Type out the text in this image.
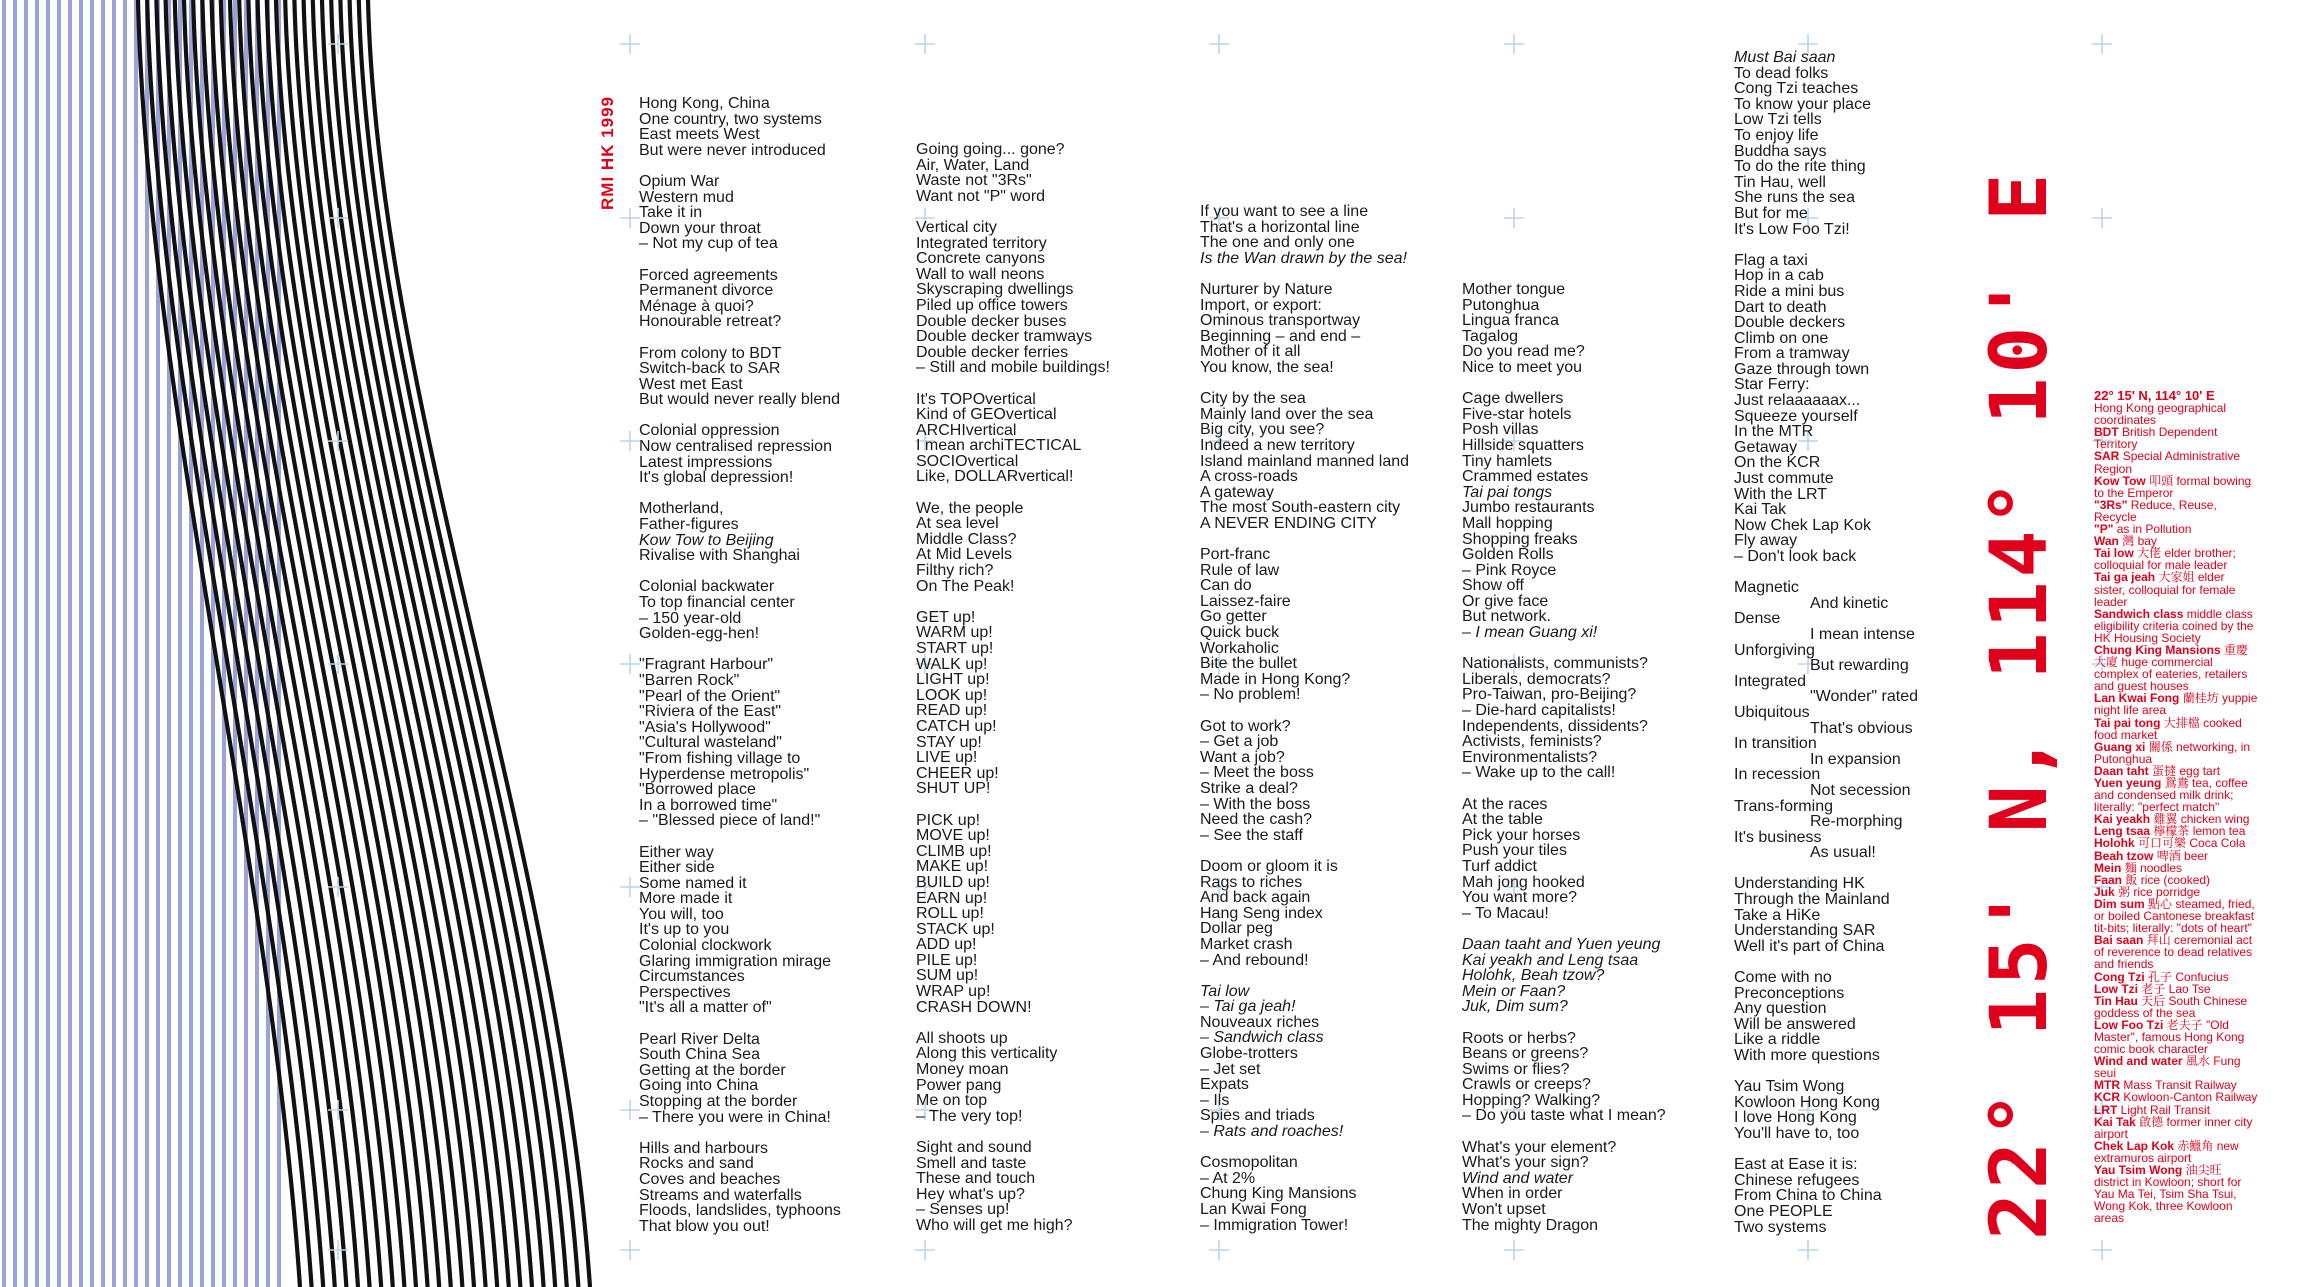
RMI HK 1999 Hong Kong, China
One country, two systems
East meets West
But were never introduced
Opium War
Western mud
Take it in
Down your throat
– Not my cup of tea
Forced agreements
Permanent divorce
Ménage à quoi?
Honourable retreat?
From colony to BDT
Switch-back to SAR
West met East
But would never really blend
Colonial oppression
Now centralised repression
Latest impressions
It's global depression!
Motherland,
Father-figures
Kow Tow to Beijing
Rivalise with Shanghai
Colonial backwater
To top financial center
– 150 year-old
Golden-egg-hen!
"Fragrant Harbour"
"Barren Rock"
"Pearl of the Orient"
"Riviera of the East"
"Asia's Hollywood"
"Cultural wasteland"
"From fishing village to
Hyperdense metropolis"
"Borrowed place
In a borrowed time"
– "Blessed piece of land!"
Either way
Either side
Some named it
More made it
You will, too
It's up to you
Colonial clockwork
Glaring immigration mirage
Circumstances
Perspectives
"It's all a matter of"
Pearl River Delta
South China Sea
Getting at the border
Going into China
Stopping at the border
– There you were in China!
Hills and harbours
Rocks and sand
Coves and beaches
Streams and waterfalls
Floods, landslides, typhoons
That blow you out!
Going going... gone?
Air, Water, Land
Waste not "3Rs"
Want not "P" word
Vertical city
Integrated territory
Concrete canyons
Wall to wall neons
Skyscraping dwellings
Piled up office towers
Double decker buses
Double decker tramways
Double decker ferries
– Still and mobile buildings!
It's TOPOvertical
Kind of GEOvertical
ARCHIvertical
I mean archiTECTICAL
SOCIOvertical
Like, DOLLARvertical!
We, the people
At sea level
Middle Class?
At Mid Levels
Filthy rich?
On The Peak!
GET up!
WARM up!
START up!
WALK up!
LIGHT up!
LOOK up!
READ up!
CATCH up!
STAY up!
LIVE up!
CHEER up!
SHUT UP!
PICK up!
MOVE up!
CLIMB up!
MAKE up!
BUILD up!
EARN up!
ROLL up!
STACK up!
ADD up!
PILE up!
SUM up!
WRAP up!
CRASH DOWN!
All shoots up
Along this verticality
Money moan
Power pang
Me on top
– The very top!
Sight and sound
Smell and taste
These and touch
Hey what's up?
– Senses up!
Who will get me high?
If you want to see a line
That's a horizontal line
The one and only one
Is the Wan drawn by the sea!
Nurturer by Nature
Import, or export:
Ominous transportway
Beginning – and end –
Mother of it all
You know, the sea!
City by the sea
Mainly land over the sea
Big city, you see?
Indeed a new territory
Island mainland manned land
A cross-roads
A gateway
The most South-eastern city
A NEVER ENDING CITY
Port-franc
Rule of law
Can do
Laissez-faire
Go getter
Quick buck
Workaholic
Bite the bullet
Made in Hong Kong?
– No problem!
Got to work?
– Get a job
Want a job?
– Meet the boss
Strike a deal?
– With the boss
Need the cash?
– See the staff
Doom or gloom it is
Rags to riches
And back again
Hang Seng index
Dollar peg
Market crash
– And rebound!
Tai low
– Tai ga jeah!
Nouveaux riches
– Sandwich class
Globe-trotters
– Jet set
Expats
– Ils
Spies and triads
– Rats and roaches!
Cosmopolitan
– At 2%
Chung King Mansions
Lan Kwai Fong
– Immigration Tower!
Mother tongue
Putonghua
Lingua franca
Tagalog
Do you read me?
Nice to meet you
Cage dwellers
Five-star hotels
Posh villas
Hillside squatters
Tiny hamlets
Crammed estates
Tai pai tongs
Jumbo restaurants
Mall hopping
Shopping freaks
Golden Rolls
– Pink Royce
Show off
Or give face
But network.
– I mean Guang xi!
Nationalists, communists?
Liberals, democrats?
Pro-Taiwan, pro-Beijing?
– Die-hard capitalists!
Independents, dissidents?
Activists, feminists?
Environmentalists?
– Wake up to the call!
At the races
At the table
Pick your horses
Push your tiles
Turf addict
Mah jong hooked
You want more?
– To Macau!
Daan taaht and Yuen yeung
Kai yeakh and Leng tsaa
Holohk, Beah tzow?
Mein or Faan?
Juk, Dim sum?
Roots or herbs?
Beans or greens?
Swims or flies?
Crawls or creeps?
Hopping? Walking?
– Do you taste what I mean?
What's your element?
What's your sign?
Wind and water
When in order
Won't upset
The mighty Dragon
Must Bai saan
To dead folks
Cong Tzi teaches
To know your place
Low Tzi tells
To enjoy life
Buddha says
To do the rite thing
Tin Hau, well
She runs the sea
But for me
It's Low Foo Tzi!
Flag a taxi
Hop in a cab
Ride a mini bus
Dart to death
Double deckers
Climb on one
From a tramway
Gaze through town
Star Ferry:
Just relaaaaaax...
Squeeze yourself
In the MTR
Getaway
On the KCR
Just commute
With the LRT
Kai Tak
Now Chek Lap Kok
Fly away
– Don't look back
Magnetic
And kinetic
Dense
I mean intense
Unforgiving
But rewarding
Integrated
"Wonder" rated
Ubiquitous
That's obvious
In transition
In expansion
In recession
Not secession
Trans-forming
Re-morphing
It's business
As usual!
Understanding HK
Through the Mainland
Take a HiKe
Understanding SAR
Well it's part of China
Come with no
Preconceptions
Any question
Will be answered
Like a riddle
With more questions
Yau Tsim Wong
Kowloon Hong Kong
I love Hong Kong
You'll have to, too
East at Ease it is:
Chinese refugees
From China to China
One PEOPLE
Two systems	22° 15' N, 114° 10' E 22° 15' N, 114° 10' E
Hong Kong geographical coordinates
BDT British Dependent Territory
SAR Special Administrative Region
Kow Tow 叩頭 formal bowing to the Emperor
"3Rs" Reduce, Reuse, Recycle
"P" as in Pollution
Wan 灣 bay
Tai low 大佬 elder brother; colloquial for male leader
Tai ga jeah 大家姐 elder sister, colloquial for female leader
Sandwich class middle class eligibility criteria coined by the HK Housing Society
Chung King Mansions 重慶大廈 huge commercial complex of eateries, retailers and guest houses
Lan Kwai Fong 蘭桂坊 yuppie night life area
Tai pai tong 大排檔 cooked food market
Guang xi 關係 networking, in Putonghua
Daan taht 蛋撻 egg tart
Yuen yeung 鴛鴦 tea, coffee and condensed milk drink; literally: "perfect match"
Kai yeakh 雞翼 chicken wing
Leng tsaa 檸檬茶 lemon tea
Holohk 可口可樂 Coca Cola
Beah tzow 啤酒 beer
Mein 麵 noodles
Faan 飯 rice (cooked)
Juk 粥 rice porridge
Dim sum 點心 steamed, fried, or boiled Cantonese breakfast tit-bits; literally: "dots of heart"
Bai saan 拜山 ceremonial act of reverence to dead relatives and friends
Cong Tzi 孔子 Confucius
Low Tzi 老子 Lao Tse
Tin Hau 天后 South Chinese goddess of the sea
Low Foo Tzi 老夫子 "Old Master", famous Hong Kong comic book character
Wind and water 風水 Fung seui
MTR Mass Transit Railway
KCR Kowloon-Canton Railway
LRT Light Rail Transit
Kai Tak 啟德 former inner city airport
Chek Lap Kok 赤鱲角 new extramuros airport
Yau Tsim Wong 油尖旺 district in Kowloon; short for Yau Ma Tei, Tsim Sha Tsui, Wong Kok, three Kowloon areas
